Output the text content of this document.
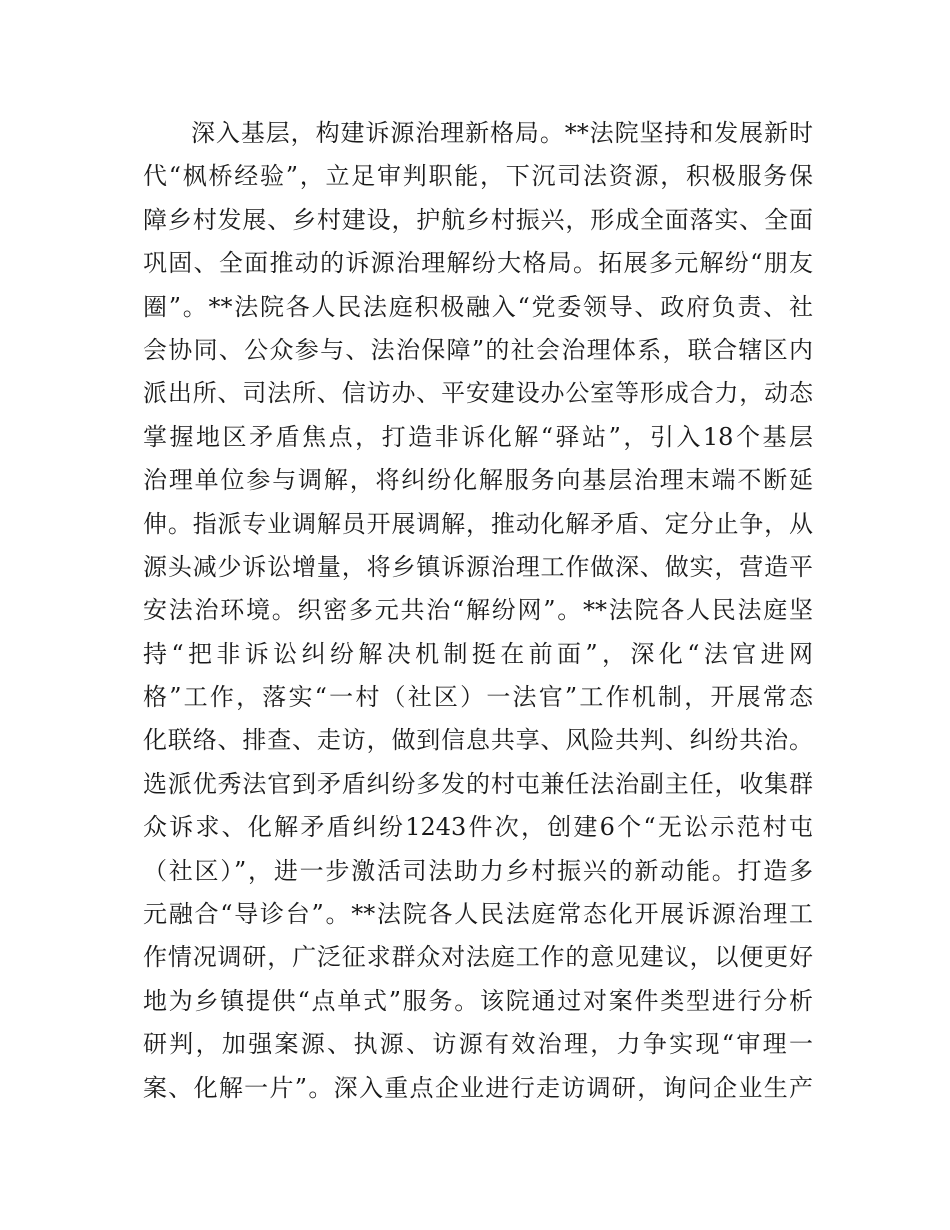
深入基层，构建诉源治理新格局。**法院坚持和发展新时
代“枫桥经验”，立足审判职能，下沉司法资源，积极服务保
障乡村发展、乡村建设，护航乡村振兴，形成全面落实、全面
巩固、全面推动的诉源治理解纷大格局。拓展多元解纷“朋友
圈”。**法院各人民法庭积极融入“党委领导、政府负责、社
会协同、公众参与、法治保障”的社会治理体系，联合辖区内
派出所、司法所、信访办、平安建设办公室等形成合力，动态
掌握地区矛盾焦点，打造非诉化解“驿站”，引入18个基层
治理单位参与调解，将纠纷化解服务向基层治理末端不断延
伸。指派专业调解员开展调解，推动化解矛盾、定分止争，从
源头减少诉讼增量，将乡镇诉源治理工作做深、做实，营造平
安法治环境。织密多元共治“解纷网”。**法院各人民法庭坚
持“把非诉讼纠纷解决机制挺在前面”，深化“法官进网
格”工作，落实“一村（社区）一法官”工作机制，开展常态
化联络、排查、走访，做到信息共享、风险共判、纠纷共治。
选派优秀法官到矛盾纠纷多发的村屯兼任法治副主任，收集群
众诉求、化解矛盾纠纷1243件次，创建6个“无讼示范村屯
（社区）”，进一步激活司法助力乡村振兴的新动能。打造多
元融合“导诊台”。**法院各人民法庭常态化开展诉源治理工
作情况调研，广泛征求群众对法庭工作的意见建议，以便更好
地为乡镇提供“点单式”服务。该院通过对案件类型进行分析
研判，加强案源、执源、访源有效治理，力争实现“审理一
案、化解一片”。深入重点企业进行走访调研，询问企业生产
